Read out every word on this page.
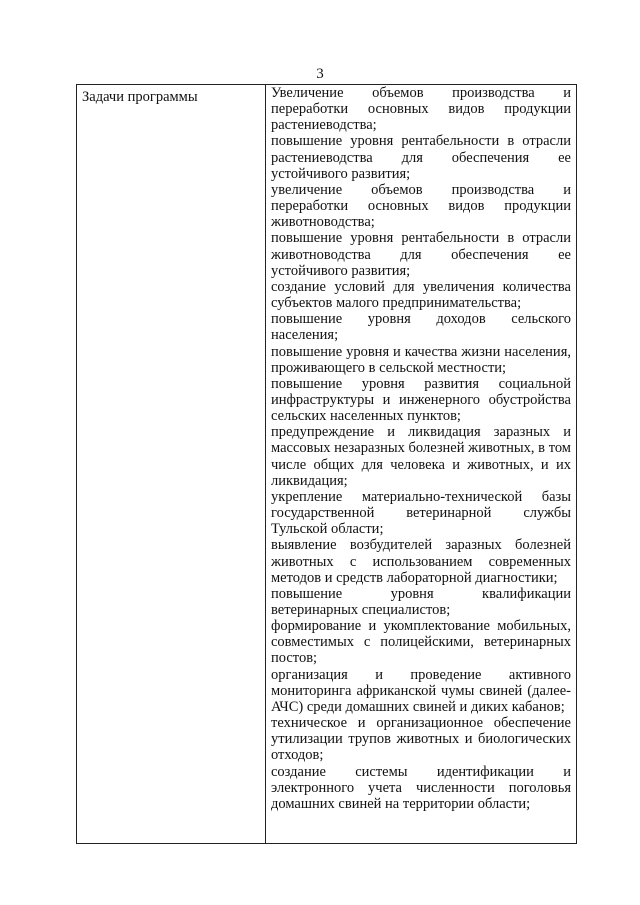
3
Задачи программы	Увеличение объемов производства и переработки основных видов продукции растениеводства;

повышение уровня рентабельности в отрасли растениеводства для обеспечения ее устойчивого развития;

увеличение объемов производства и переработки основных видов продукции животноводства;

повышение уровня рентабельности в отрасли животноводства для обеспечения ее устойчивого развития;

создание условий для увеличения количества субъектов малого предпринимательства;

повышение уровня доходов сельского населения;

повышение уровня и качества жизни населения, проживающего в сельской местности;

повышение уровня развития социальной инфраструктуры и инженерного обустройства сельских населенных пунктов;

предупреждение и ликвидация заразных и массовых незаразных болезней животных, в том числе общих для человека и животных, и их ликвидация;

укрепление материально-технической базы государственной ветеринарной службы Тульской области;

выявление возбудителей заразных болезней животных с использованием современных методов и средств лабораторной диагностики;

повышение уровня квалификации ветеринарных специалистов;

формирование и укомплектование мобильных, совместимых с полицейскими, ветеринарных постов;

организация и проведение активного мониторинга африканской чумы свиней (далее-АЧС) среди домашних свиней и диких кабанов;

техническое и организационное обеспечение утилизации трупов животных и биологических отходов;

создание системы идентификации и электронного учета численности поголовья домашних свиней на территории области;
